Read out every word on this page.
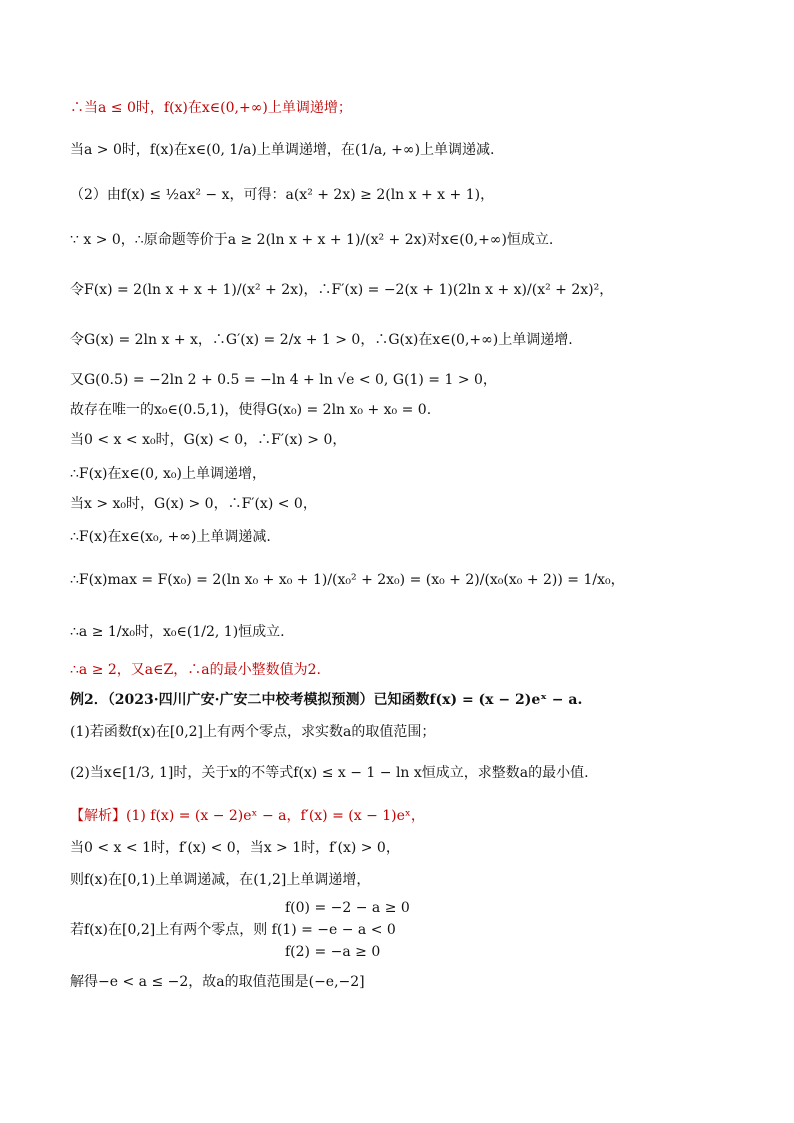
∴当a ≤ 0时，f(x)在x∈(0,+∞)上单调递增；
当a > 0时，f(x)在x∈(0, 1/a)上单调递增，在(1/a, +∞)上单调递减.
（2）由f(x) ≤ ½ax² − x，可得：a(x² + 2x) ≥ 2(ln x + x + 1)，
∵ x > 0，∴原命题等价于a ≥ 2(ln x + x + 1)/(x² + 2x)对x∈(0,+∞)恒成立.
令F(x) = 2(ln x + x + 1)/(x² + 2x)，∴F′(x) = −2(x + 1)(2ln x + x)/(x² + 2x)²，
令G(x) = 2ln x + x，∴G′(x) = 2/x + 1 > 0，∴G(x)在x∈(0,+∞)上单调递增.
又G(0.5) = −2ln 2 + 0.5 = −ln 4 + ln √e < 0, G(1) = 1 > 0，
故存在唯一的x₀∈(0.5,1)，使得G(x₀) = 2ln x₀ + x₀ = 0.
当0 < x < x₀时，G(x) < 0，∴F′(x) > 0，
∴F(x)在x∈(0, x₀)上单调递增，
当x > x₀时，G(x) > 0，∴F′(x) < 0，
∴F(x)在x∈(x₀, +∞)上单调递减.
∴F(x)max = F(x₀) = 2(ln x₀ + x₀ + 1)/(x₀² + 2x₀) = (x₀ + 2)/(x₀(x₀ + 2)) = 1/x₀，
∴a ≥ 1/x₀时，x₀∈(1/2, 1)恒成立.
∴a ≥ 2，又a∈Z，∴a的最小整数值为2.
例2．（2023·四川广安·广安二中校考模拟预测）已知函数f(x) = (x − 2)eˣ − a.
(1)若函数f(x)在[0,2]上有两个零点，求实数a的取值范围；
(2)当x∈[1/3, 1]时，关于x的不等式f(x) ≤ x − 1 − ln x恒成立，求整数a的最小值.
【解析】(1) f(x) = (x − 2)eˣ − a，f′(x) = (x − 1)eˣ，
当0 < x < 1时，f′(x) < 0，当x > 1时，f′(x) > 0，
则f(x)在[0,1)上单调递减，在(1,2]上单调递增，
f(0) = −2 − a ≥ 0
若f(x)在[0,2]上有两个零点，则 f(1) = −e − a < 0
f(2) = −a ≥ 0
解得−e < a ≤ −2，故a的取值范围是(−e,−2]
